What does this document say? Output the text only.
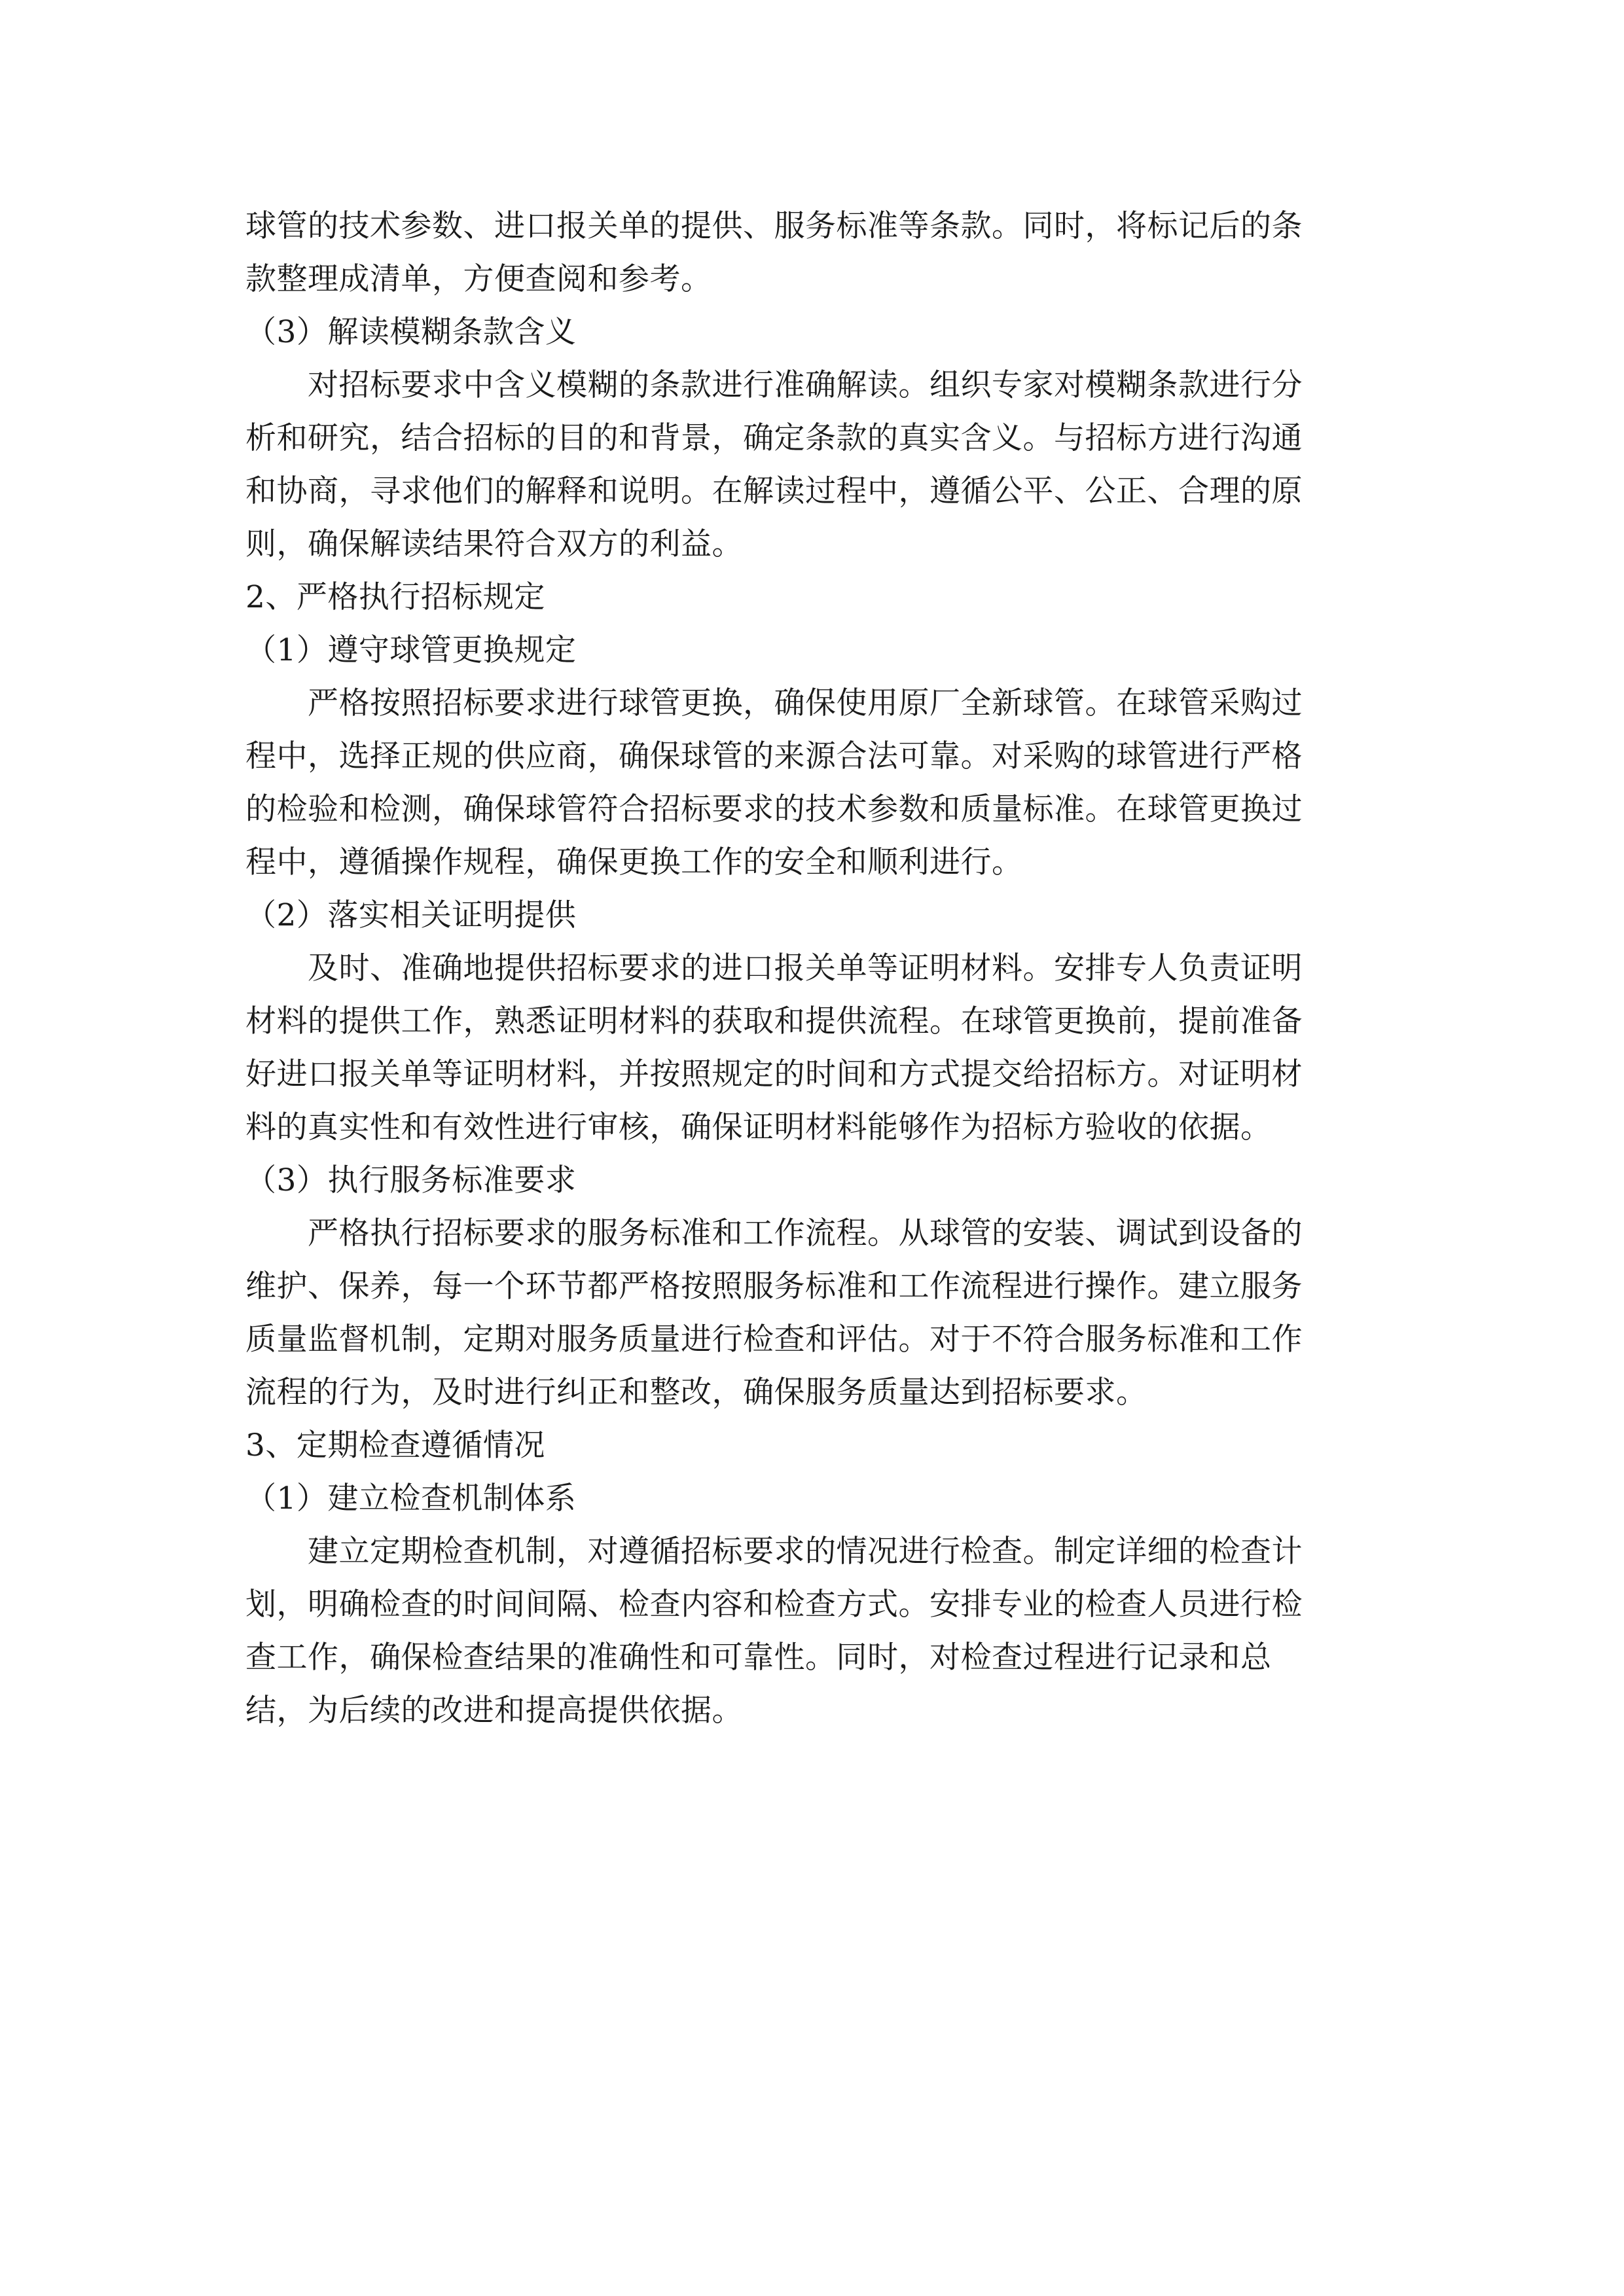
球管的技术参数、进口报关单的提供、服务标准等条款。同时，将标记后的条
款整理成清单，方便查阅和参考。
（3）解读模糊条款含义
对招标要求中含义模糊的条款进行准确解读。组织专家对模糊条款进行分
析和研究，结合招标的目的和背景，确定条款的真实含义。与招标方进行沟通
和协商，寻求他们的解释和说明。在解读过程中，遵循公平、公正、合理的原
则，确保解读结果符合双方的利益。
2、严格执行招标规定
（1）遵守球管更换规定
严格按照招标要求进行球管更换，确保使用原厂全新球管。在球管采购过
程中，选择正规的供应商，确保球管的来源合法可靠。对采购的球管进行严格
的检验和检测，确保球管符合招标要求的技术参数和质量标准。在球管更换过
程中，遵循操作规程，确保更换工作的安全和顺利进行。
（2）落实相关证明提供
及时、准确地提供招标要求的进口报关单等证明材料。安排专人负责证明
材料的提供工作，熟悉证明材料的获取和提供流程。在球管更换前，提前准备
好进口报关单等证明材料，并按照规定的时间和方式提交给招标方。对证明材
料的真实性和有效性进行审核，确保证明材料能够作为招标方验收的依据。
（3）执行服务标准要求
严格执行招标要求的服务标准和工作流程。从球管的安装、调试到设备的
维护、保养，每一个环节都严格按照服务标准和工作流程进行操作。建立服务
质量监督机制，定期对服务质量进行检查和评估。对于不符合服务标准和工作
流程的行为，及时进行纠正和整改，确保服务质量达到招标要求。
3、定期检查遵循情况
（1）建立检查机制体系
建立定期检查机制，对遵循招标要求的情况进行检查。制定详细的检查计
划，明确检查的时间间隔、检查内容和检查方式。安排专业的检查人员进行检
查工作，确保检查结果的准确性和可靠性。同时，对检查过程进行记录和总
结，为后续的改进和提高提供依据。
